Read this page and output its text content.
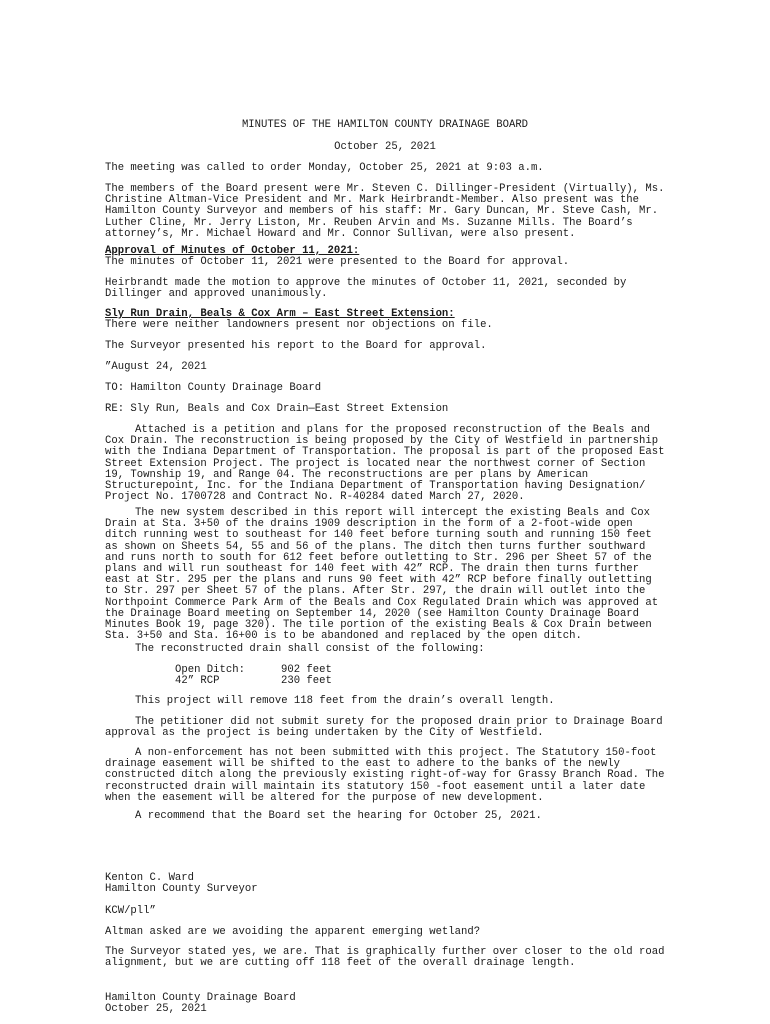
MINUTES OF THE HAMILTON COUNTY DRAINAGE BOARD
October 25, 2021

The meeting was called to order Monday, October 25, 2021 at 9:03 a.m.

The members of the Board present were Mr. Steven C. Dillinger-President (Virtually), Ms. Christine Altman-Vice President and Mr. Mark Heirbrandt-Member. Also present was the Hamilton County Surveyor and members of his staff: Mr. Gary Duncan, Mr. Steve Cash, Mr. Luther Cline, Mr. Jerry Liston, Mr. Reuben Arvin and Ms. Suzanne Mills. The Board’s attorney’s, Mr. Michael Howard and Mr. Connor Sullivan, were also present.

Approval of Minutes of October 11, 2021:

The minutes of October 11, 2021 were presented to the Board for approval.

Heirbrandt made the motion to approve the minutes of October 11, 2021, seconded by Dillinger and approved unanimously.

Sly Run Drain, Beals & Cox Arm – East Street Extension:

There were neither landowners present nor objections on file.

The Surveyor presented his report to the Board for approval.

”August 24, 2021

TO: Hamilton County Drainage Board

RE: Sly Run, Beals and Cox Drain—East Street Extension

Attached is a petition and plans for the proposed reconstruction of the Beals and Cox Drain. The reconstruction is being proposed by the City of Westfield in partnership with the Indiana Department of Transportation. The proposal is part of the proposed East Street Extension Project. The project is located near the northwest corner of Section 19, Township 19, and Range 04. The reconstructions are per plans by American Structurepoint, Inc. for the Indiana Department of Transportation having Designation/ Project No. 1700728 and Contract No. R-40284 dated March 27, 2020.

The new system described in this report will intercept the existing Beals and Cox Drain at Sta. 3+50 of the drains 1909 description in the form of a 2-foot-wide open ditch running west to southeast for 140 feet before turning south and running 150 feet as shown on Sheets 54, 55 and 56 of the plans. The ditch then turns further southward and runs north to south for 612 feet before outletting to Str. 296 per Sheet 57 of the plans and will run southeast for 140 feet with 42” RCP. The drain then turns further east at Str. 295 per the plans and runs 90 feet with 42” RCP before finally outletting to Str. 297 per Sheet 57 of the plans. After Str. 297, the drain will outlet into the Northpoint Commerce Park Arm of the Beals and Cox Regulated Drain which was approved at the Drainage Board meeting on September 14, 2020 (see Hamilton County Drainage Board Minutes Book 19, page 320). The tile portion of the existing Beals & Cox Drain between Sta. 3+50 and Sta. 16+00 is to be abandoned and replaced by the open ditch.

The reconstructed drain shall consist of the following:

Open Ditch:	902 feet
42” RCP	230 feet

This project will remove 118 feet from the drain’s overall length.

The petitioner did not submit surety for the proposed drain prior to Drainage Board approval as the project is being undertaken by the City of Westfield.

A non-enforcement has not been submitted with this project. The Statutory 150-foot drainage easement will be shifted to the east to adhere to the banks of the newly constructed ditch along the previously existing right-of-way for Grassy Branch Road. The reconstructed drain will maintain its statutory 150 -foot easement until a later date when the easement will be altered for the purpose of new development.

A recommend that the Board set the hearing for October 25, 2021.

Kenton C. Ward
Hamilton County Surveyor

KCW/pll”

Altman asked are we avoiding the apparent emerging wetland?

The Surveyor stated yes, we are. That is graphically further over closer to the old road alignment, but we are cutting off 118 feet of the overall drainage length.

Hamilton County Drainage Board
October 25, 2021
